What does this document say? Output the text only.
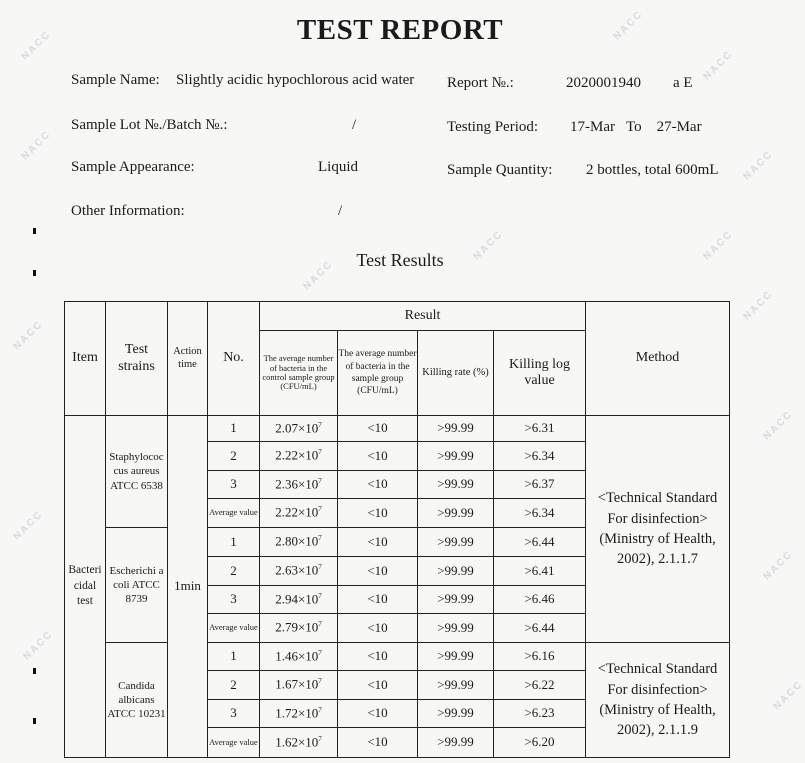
NACC
NACC
NACC
NACC
NACC
NACC
NACC
NACC
NACC
NACC
NACC
NACC
NACC
NACC
NACC
TEST REPORT
Sample Name: Slightly acidic hypochlorous acid water Report №.:	2020001940 a E
Sample Lot №./Batch №.:	/	Testing Period: 17-Mar   To    27-Mar
Sample Appearance:	Liquid	Sample Quantity: 2 bottles, total 600mL
Other Information:	/
Test Results
Item	Test strains	Action time	No.	Result				Method
				The average number of bacteria in the control sample group (CFU/mL)	The average number of bacteria in the sample group (CFU/mL)	Killing rate (%)	Killing log value	
Bacteri cidal test	Staphylococ cus aureus ATCC 6538	1min	1	$2.07\times 10^7$	<10	>99.99	>6.31	<Technical Standard For disinfection> (Ministry of Health, 2002), 2.1.1.7
			2	$2.22\times 10^7$	<10	>99.99	>6.34	
			3	$2.36\times 10^7$	<10	>99.99	>6.37	
			Average value	$2.22\times 10^7$	<10	>99.99	>6.34	
	Escherichi a coli ATCC 8739		1	$2.80\times 10^7$	<10	>99.99	>6.44	
			2	$2.63\times 10^7$	<10	>99.99	>6.41	
			3	$2.94\times 10^7$	<10	>99.99	>6.46	
			Average value	$2.79\times 10^7$	<10	>99.99	>6.44	
	Candida albicans ATCC 10231		1	$1.46\times 10^7$	<10	>99.99	>6.16	<Technical Standard For disinfection> (Ministry of Health, 2002), 2.1.1.9
			2	$1.67\times 10^7$	<10	>99.99	>6.22	
			3	$1.72\times 10^7$	<10	>99.99	>6.23	
			Average value	$1.62\times 10^7$	<10	>99.99	>6.20	
